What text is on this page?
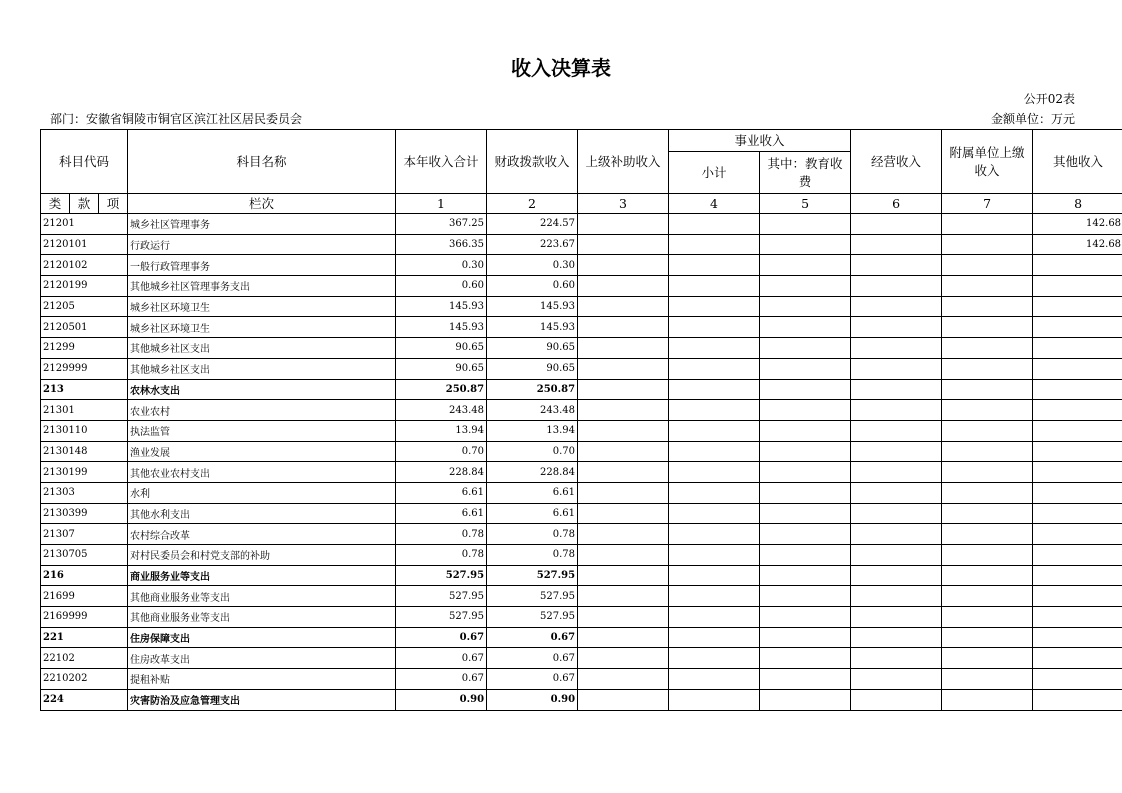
收入决算表
公开02表
部门：安徽省铜陵市铜官区滨江社区居民委员会	金额单位：万元
科目代码			科目名称	本年收入合计	财政拨款收入	上级补助收入	事业收入		经营收入	附属单位上缴收入	其他收入
							小计	其中：教育收费			
类	款	项	栏次	1	2	3	4	5	6	7	8
21201			城乡社区管理事务	367.25	224.57						142.68
2120101			行政运行	366.35	223.67						142.68
2120102			一般行政管理事务	0.30	0.30						
2120199			其他城乡社区管理事务支出	0.60	0.60						
21205			城乡社区环境卫生	145.93	145.93						
2120501			城乡社区环境卫生	145.93	145.93						
21299			其他城乡社区支出	90.65	90.65						
2129999			其他城乡社区支出	90.65	90.65						
213			农林水支出	250.87	250.87						
21301			农业农村	243.48	243.48						
2130110			执法监管	13.94	13.94						
2130148			渔业发展	0.70	0.70						
2130199			其他农业农村支出	228.84	228.84						
21303			水利	6.61	6.61						
2130399			其他水利支出	6.61	6.61						
21307			农村综合改革	0.78	0.78						
2130705			对村民委员会和村党支部的补助	0.78	0.78						
216			商业服务业等支出	527.95	527.95						
21699			其他商业服务业等支出	527.95	527.95						
2169999			其他商业服务业等支出	527.95	527.95						
221			住房保障支出	0.67	0.67						
22102			住房改革支出	0.67	0.67						
2210202			提租补贴	0.67	0.67						
224			灾害防治及应急管理支出	0.90	0.90						
